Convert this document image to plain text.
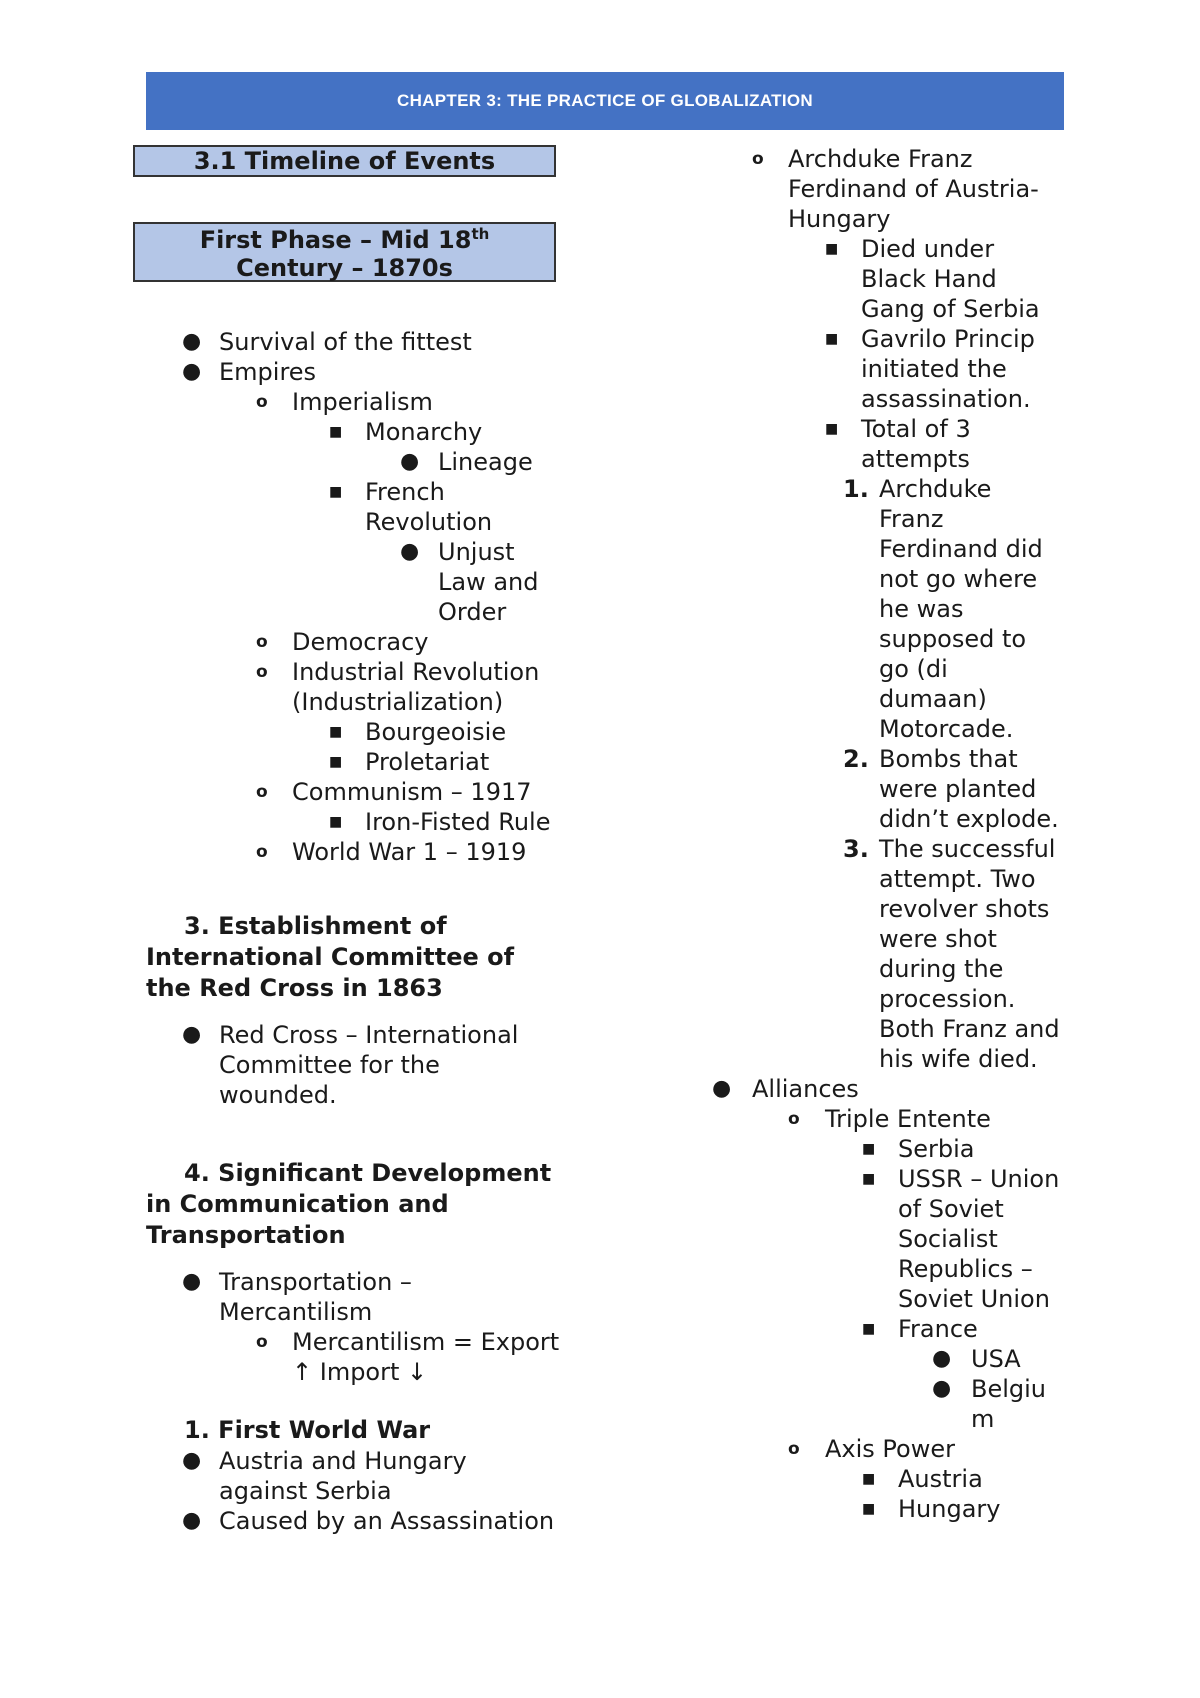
CHAPTER 3: THE PRACTICE OF GLOBALIZATION
3.1 Timeline of Events
First Phase – Mid 18th
Century – 1870s
● Survival of the fittest
● Empires
o Imperialism
■ Monarchy
● Lineage
■ French
Revolution
● Unjust
Law and
Order
o Democracy
o Industrial Revolution
(Industrialization)
■ Bourgeoisie
■ Proletariat
o Communism – 1917
■ Iron-Fisted Rule
o World War 1 – 1919
3. Establishment of
International Committee of
the Red Cross in 1863
● Red Cross – International
Committee for the
wounded.
4. Significant Development
in Communication and
Transportation
● Transportation –
Mercantilism
o Mercantilism = Export
↑ Import ↓
1. First World War
● Austria and Hungary
against Serbia
● Caused by an Assassination
o Archduke Franz
Ferdinand of Austria-
Hungary
■ Died under
Black Hand
Gang of Serbia
■ Gavrilo Princip
initiated the
assassination.
■ Total of 3
attempts
1. Archduke
Franz
Ferdinand did
not go where
he was
supposed to
go (di
dumaan)
Motorcade.
2. Bombs that
were planted
didn’t explode.
3. The successful
attempt. Two
revolver shots
were shot
during the
procession.
Both Franz and
his wife died.
● Alliances
o Triple Entente
■ Serbia
■ USSR – Union
of Soviet
Socialist
Republics –
Soviet Union
■ France
● USA
● Belgiu
m
o Axis Power
■ Austria
■ Hungary
